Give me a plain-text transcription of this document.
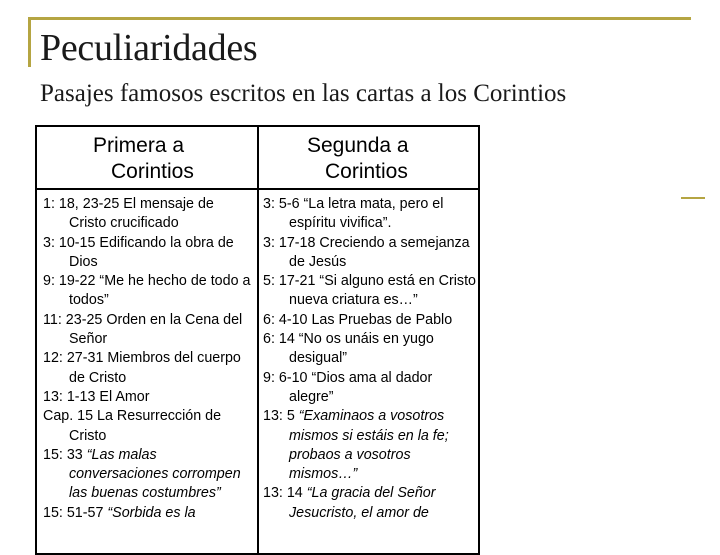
Peculiaridades
Pasajes famosos escritos en las cartas a los Corintios
Primera a
Corintios
Segunda a
Corintios
1: 18, 23-25 El mensaje de Cristo crucificado
3: 10-15 Edificando la obra de Dios
9: 19-22 “Me he hecho de todo a todos”
11: 23-25 Orden en la Cena del Señor
12: 27-31 Miembros del cuerpo de Cristo
13: 1-13 El Amor
Cap. 15 La Resurrección de Cristo
15: 33 “Las malas conversaciones corrompen las buenas costumbres”
15: 51-57 “Sorbida es la
3: 5-6 “La letra mata, pero el espíritu vivifica”.
3: 17-18 Creciendo a semejanza de Jesús
5: 17-21 “Si alguno está en Cristo nueva criatura es…”
6: 4-10 Las Pruebas de Pablo
6: 14 “No os unáis en yugo desigual”
9: 6-10 “Dios ama al dador alegre”
13: 5 “Examinaos a vosotros mismos si estáis en la fe; probaos a vosotros mismos…”
13: 14 “La gracia del Señor Jesucristo, el amor de
